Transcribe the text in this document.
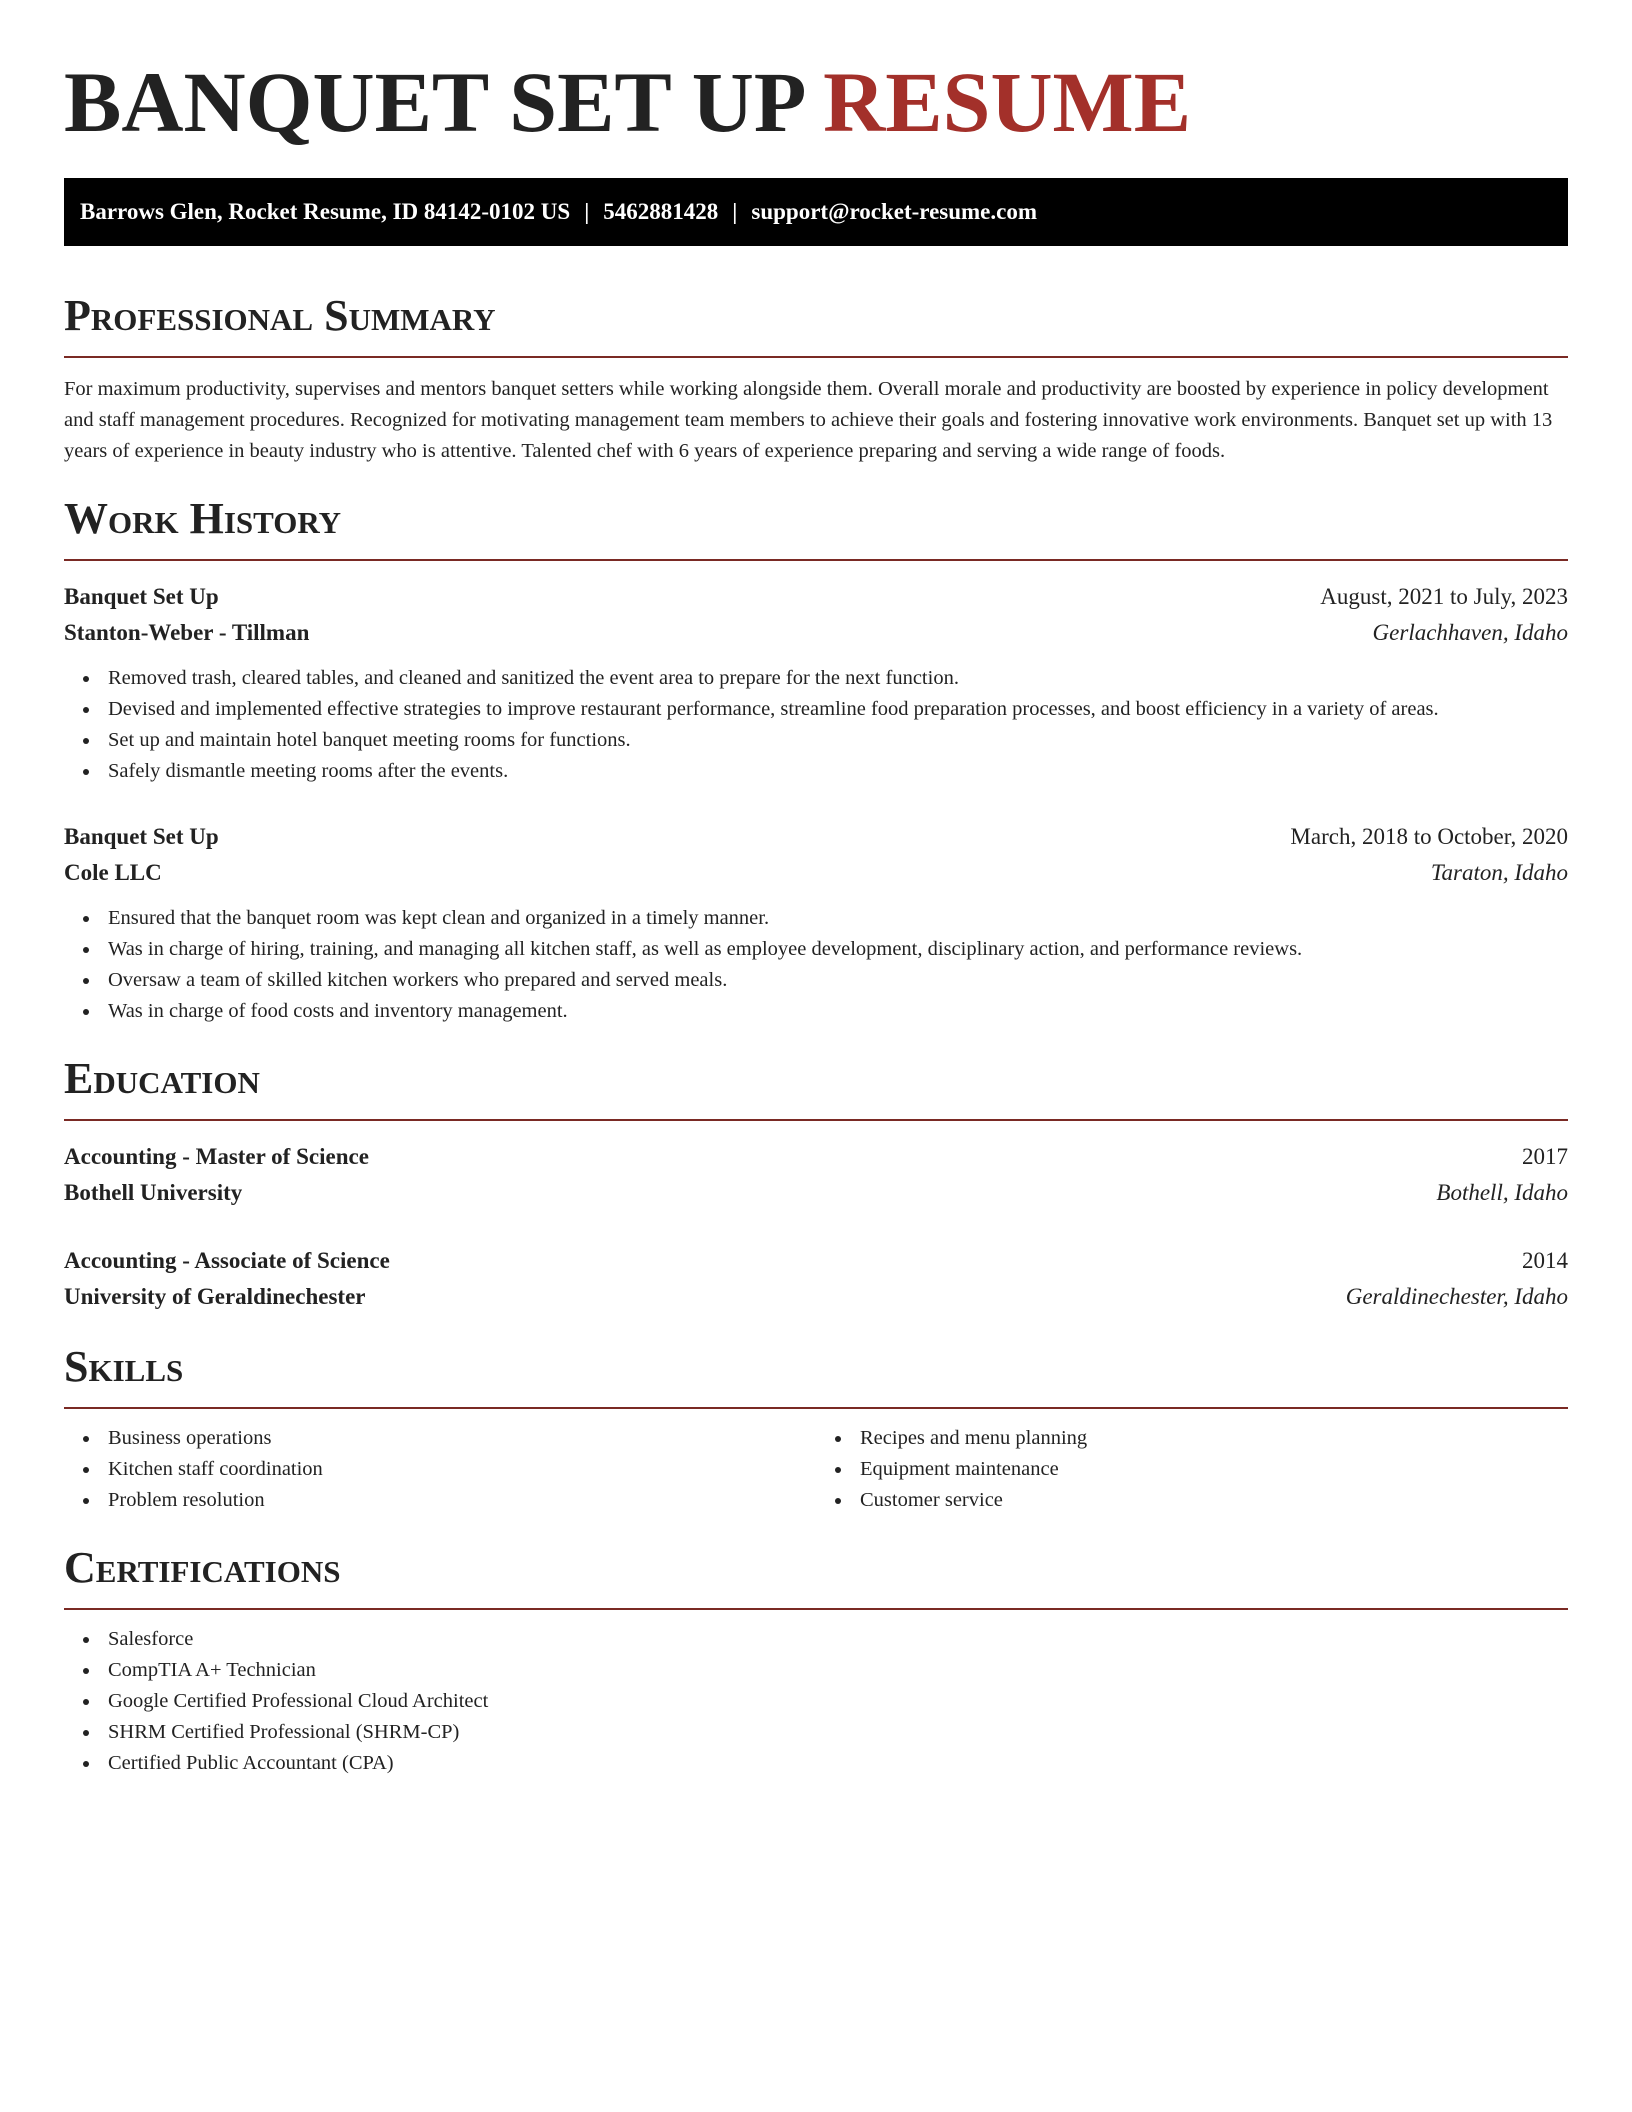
BANQUET SET UP RESUME
Barrows Glen, Rocket Resume, ID 84142-0102 US | 5462881428 | support@rocket-resume.com
Professional Summary

For maximum productivity, supervises and mentors banquet setters while working alongside them. Overall morale and productivity are boosted by experience in policy development and staff management procedures. Recognized for motivating management team members to achieve their goals and fostering innovative work environments. Banquet set up with 13 years of experience in beauty industry who is attentive. Talented chef with 6 years of experience preparing and serving a wide range of foods.

Work History
Banquet Set Up	August, 2021 to July, 2023
Stanton-Weber - Tillman	Gerlachhaven, Idaho
Removed trash, cleared tables, and cleaned and sanitized the event area to prepare for the next function.
Devised and implemented effective strategies to improve restaurant performance, streamline food preparation processes, and boost efficiency in a variety of areas.
Set up and maintain hotel banquet meeting rooms for functions.
Safely dismantle meeting rooms after the events.
Banquet Set Up	March, 2018 to October, 2020
Cole LLC	Taraton, Idaho
Ensured that the banquet room was kept clean and organized in a timely manner.
Was in charge of hiring, training, and managing all kitchen staff, as well as employee development, disciplinary action, and performance reviews.
Oversaw a team of skilled kitchen workers who prepared and served meals.
Was in charge of food costs and inventory management.
Education
Accounting - Master of Science	2017
Bothell University	Bothell, Idaho
Accounting - Associate of Science	2014
University of Geraldinechester	Geraldinechester, Idaho
Skills
Business operations
Kitchen staff coordination
Problem resolution
Recipes and menu planning
Equipment maintenance
Customer service
Certifications
Salesforce
CompTIA A+ Technician
Google Certified Professional Cloud Architect
SHRM Certified Professional (SHRM-CP)
Certified Public Accountant (CPA)
